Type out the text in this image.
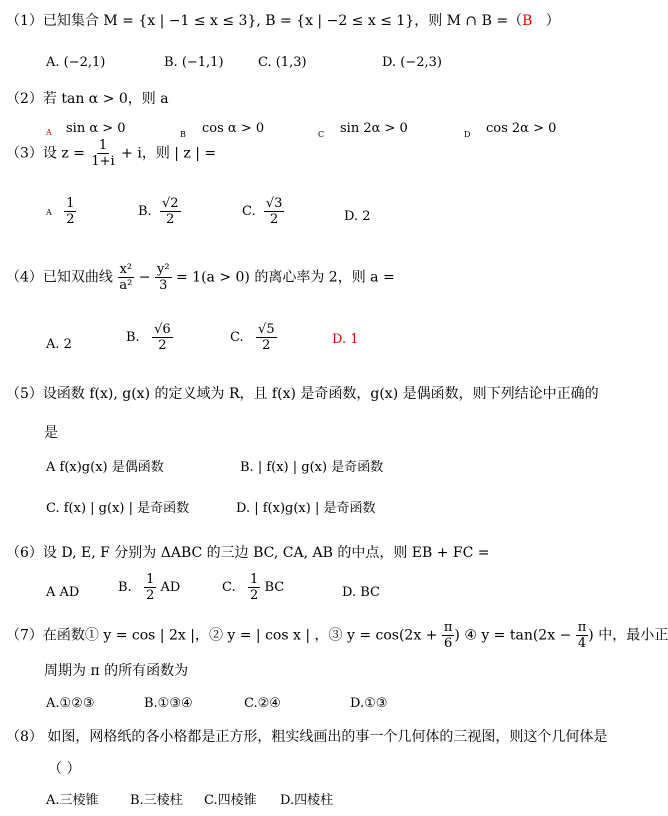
（1）已知集合 M = {x | −1 ≤ x ≤ 3}, B = {x | −2 ≤ x ≤ 1}，则 M ∩ B =（B ）
A. (−2,1)	B. (−1,1)	C. (1,3)	D. (−2,3)
（2）若 tan α > 0，则 a
A sin α > 0	B cos α > 0	C sin 2α > 0	D cos 2α > 0
（3）设 $z = \frac{1}{1+i} + i$，则 | z | =
A $\frac{1}{2}$	B. $\frac{√2}{2}$	C. $\frac{√3}{2}$	D. 2
（4）已知双曲线 $\frac{\text{x²}}{\text{a²}} - \frac{\text{y²}}{3} = 1(a > 0)$ 的离心率为 2，则 a =
A. 2	B. $\frac{√6}{2}$	C. $\frac{√5}{2}$	D. 1
（5）设函数 f(x), g(x) 的定义域为 R，且 f(x) 是奇函数，g(x) 是偶函数，则下列结论中正确的
是
A f(x)g(x) 是偶函数	B. | f(x) | g(x) 是奇函数
C. f(x) | g(x) | 是奇函数	D. | f(x)g(x) | 是奇函数
（6）设 D, E, F 分别为 ΔABC 的三边 BC, CA, AB 的中点，则 EB + FC =
A AD	B. $\frac{1}{2}$ AD	C. $\frac{1}{2}$ BC	D. BC
（7）在函数① y = cos | 2x |，② y = | cos x | ，③ $y = \cos(2x + \frac{\pi}{6}$ ) ④ $y = \tan(2x - \frac{\pi}{4}$ ) 中，最小正
周期为 π 的所有函数为
A.①②③	B.①③④	C.②④	D.①③
（8） 如图，网格纸的各小格都是正方形，粗实线画出的事一个几何体的三视图，则这个几何体是
（ ）
A.三棱锥 B.三棱柱 C.四棱锥 D.四棱柱
